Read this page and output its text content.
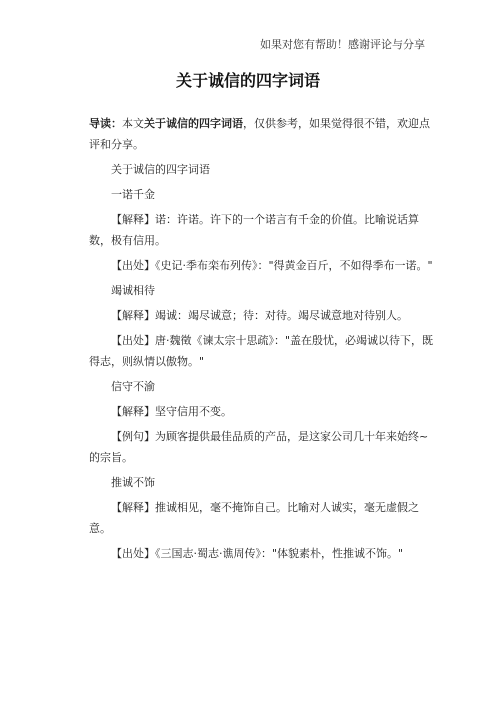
如果对您有帮助！感谢评论与分享
关于诚信的四字词语

导读：本文关于诚信的四字词语，仅供参考，如果觉得很不错，欢迎点评和分享。

关于诚信的四字词语

一诺千金

【解释】诺：许诺。许下的一个诺言有千金的价值。比喻说话算数，极有信用。

【出处】《史记·季布栾布列传》："得黄金百斤，不如得季布一诺。"

竭诚相待

【解释】竭诚：竭尽诚意；待：对待。竭尽诚意地对待别人。

【出处】唐·魏徵《谏太宗十思疏》："盖在殷忧，必竭诚以待下，既得志，则纵情以傲物。"

信守不渝

【解释】坚守信用不变。

【例句】为顾客提供最佳品质的产品，是这家公司几十年来始终~的宗旨。

推诚不饰

【解释】推诚相见，毫不掩饰自己。比喻对人诚实，毫无虚假之意。

【出处】《三国志·蜀志·谯周传》："体貌素朴，性推诚不饰。"
